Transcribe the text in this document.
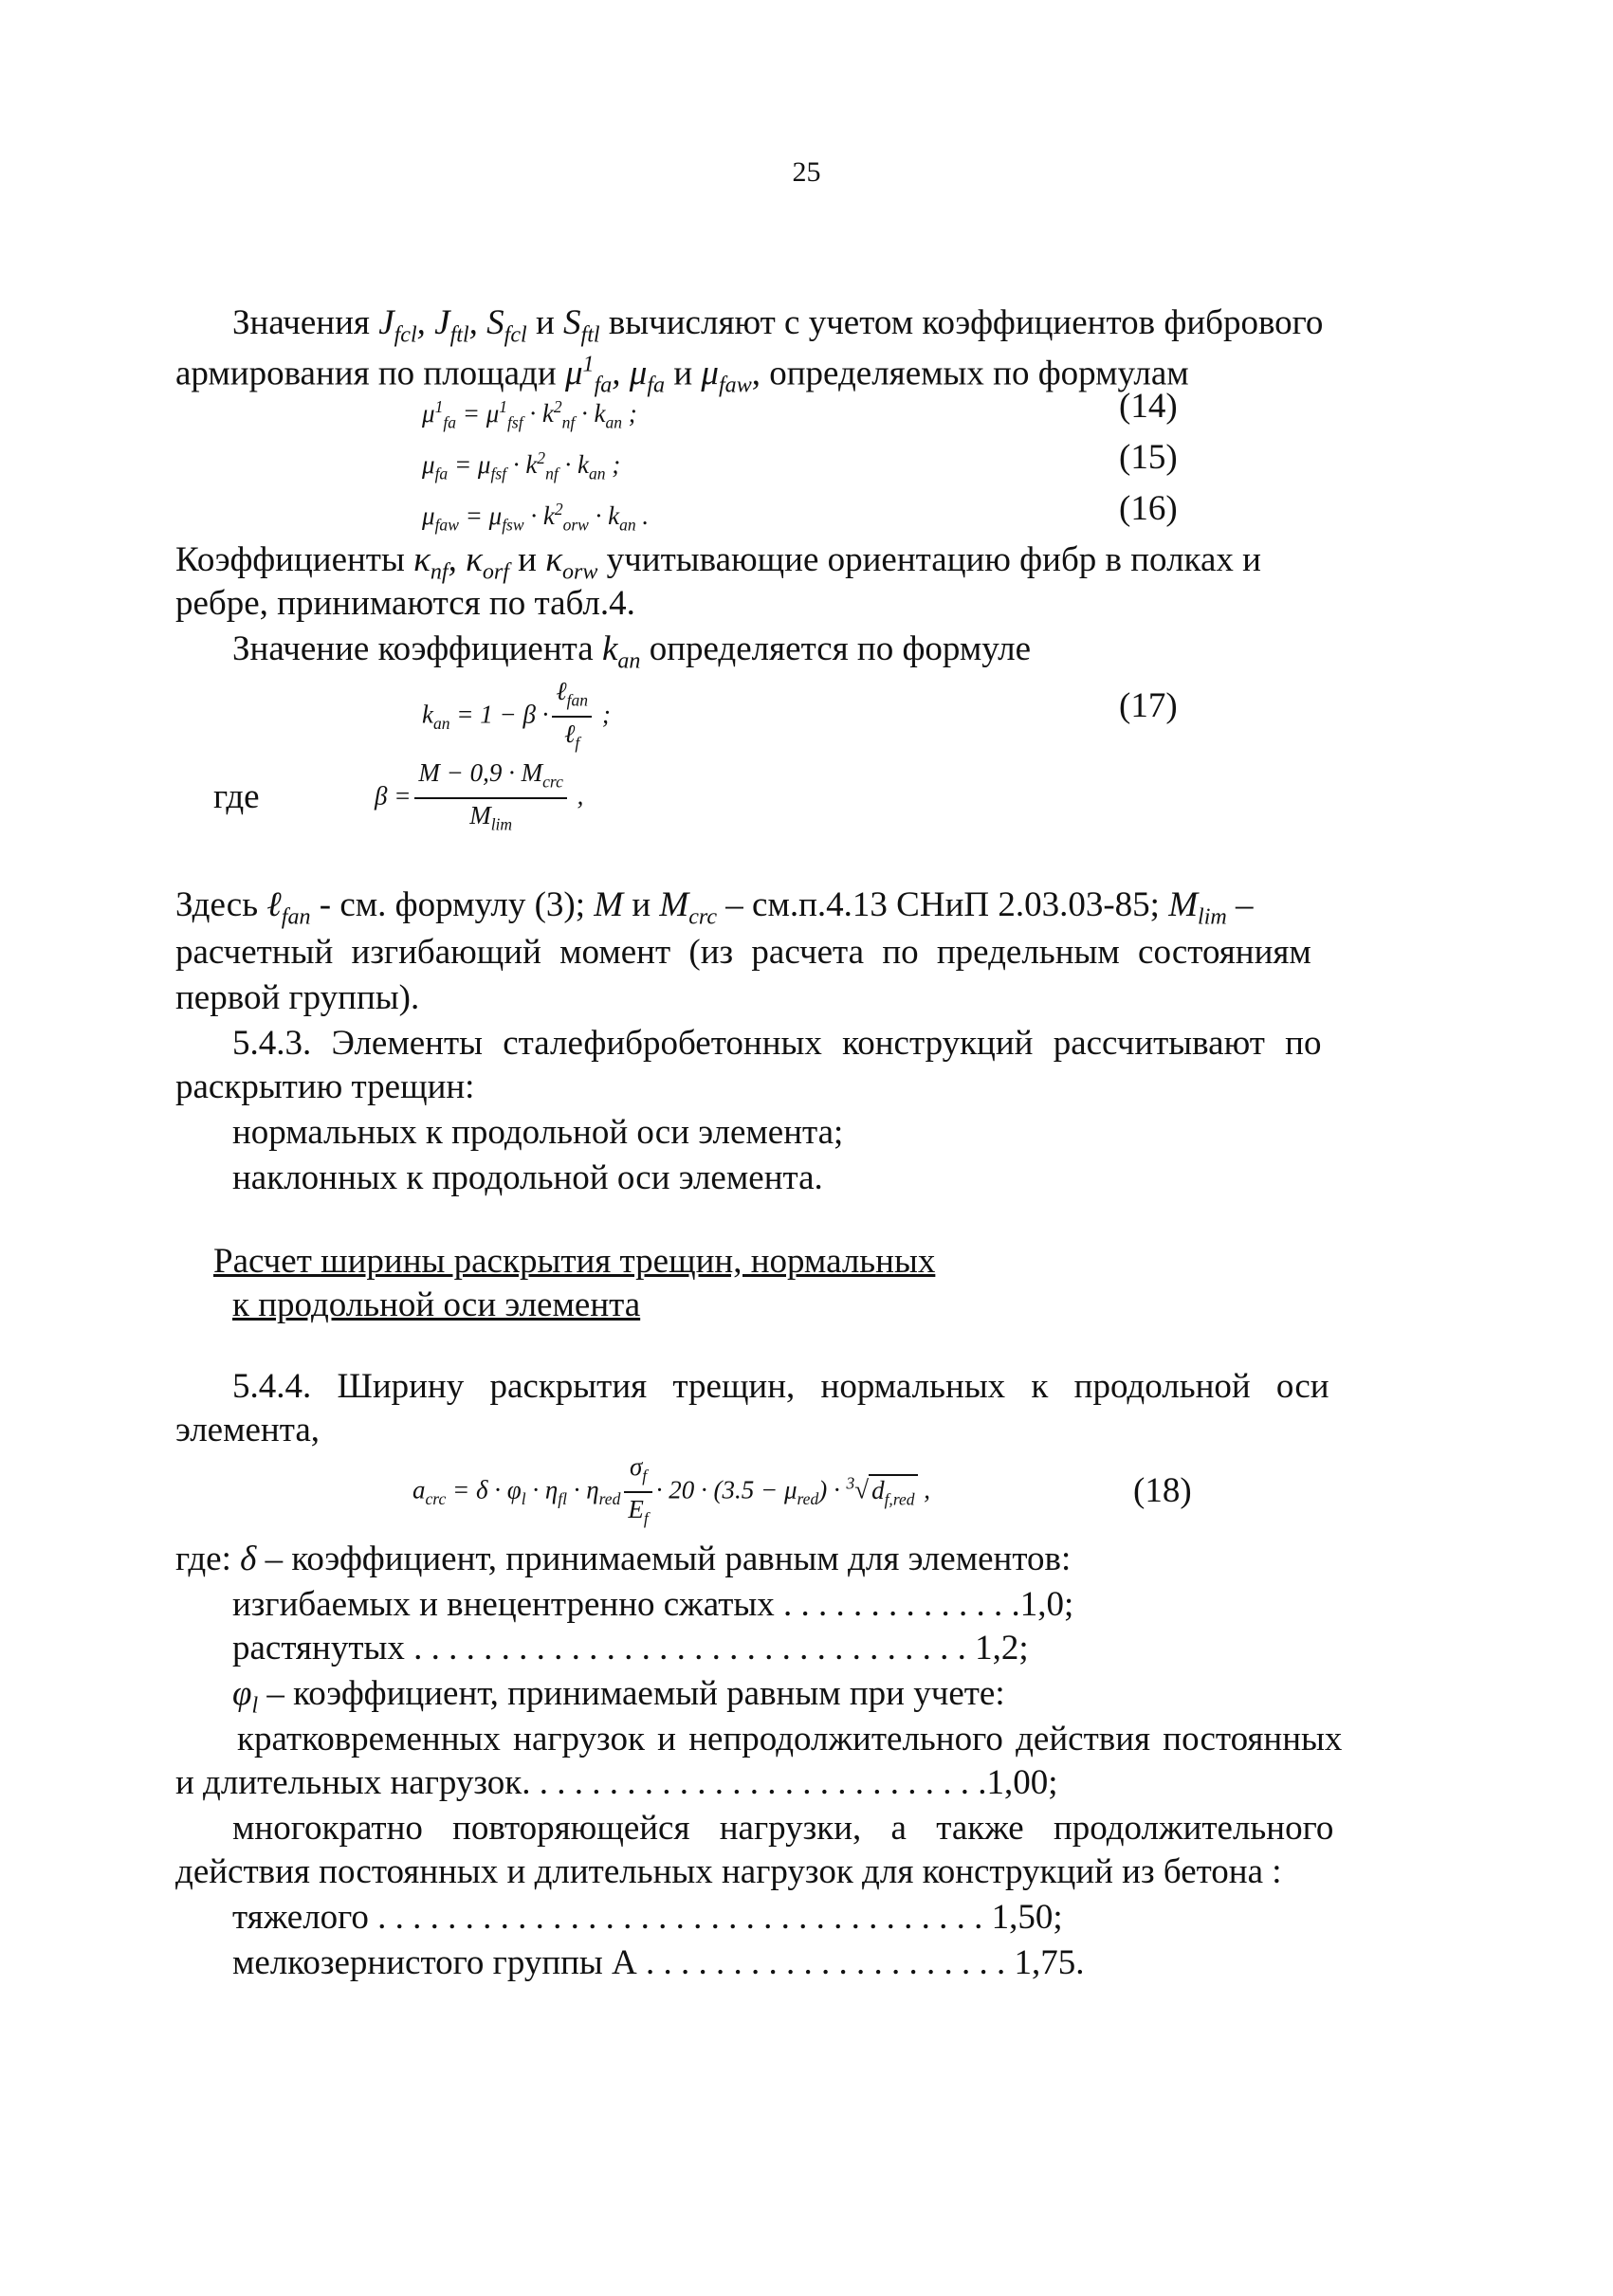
25
Значения $J_{fcl}$, $J_{ftl}$, $S_{fcl}$ и $S_{ftl}$ вычисляют с учетом коэффициентов фибрового
армирования по площади $\mu^1_{fa}$, $\mu_{fa}$ и $\mu_{faw}$, определяемых по формулам
$\mu^1_{fa} = \mu^1_{fsf} \cdot k^2_{nf} \cdot k_{an}$ ;	(14)
$\mu_{fa} = \mu_{fsf} \cdot k^2_{nf} \cdot k_{an}$ ;	(15)
$\mu_{faw} = \mu_{fsw} \cdot k^2_{orw} \cdot k_{an}$ .	(16)
Коэффициенты $\kappa_{nf}$, $\kappa_{orf}$ и $\kappa_{orw}$ учитывающие ориентацию фибр в полках и
ребре, принимаются по табл.4.
Значение коэффициента $k_{an}$ определяется по формуле
$k_{an} = 1 - \beta \cdot \frac{\ell_{fan}}{\ell_f}$ ;	(17)
где	$\beta = \frac{M - 0,9 \cdot M_{crc}}{M_{lim}}$ ,
Здесь ℓ$_{fan}$ - см. формулу (3); M и $M_{crc} - см.п.4.13$ СНиП 2.03.03-85; $M_{lim}$ –
расчетный изгибающий момент (из расчета по предельным состояниям
первой группы).
5.4.3. Элементы сталефибробетонных конструкций рассчитывают по
раскрытию трещин:
нормальных к продольной оси элемента;
наклонных к продольной оси элемента.
Расчет ширины раскрытия трещин, нормальных
к продольной оси элемента
5.4.4. Ширину раскрытия трещин, нормальных к продольной оси
элемента,
$a_{crc} = \delta \cdot \varphi_l \cdot \eta_{fl} \cdot \eta_{red} \frac{\sigma_f}{E_f} \cdot 20 \cdot (3.5 - \mu_{red}) \cdot ^3√$ $d_{f,red}$ ,	(18)
где: δ – коэффициент, принимаемый равным для элементов:
изгибаемых и внецентренно сжатых . . . . . . . . . . . . . .1,0;
растянутых . . . . . . . . . . . . . . . . . . . . . . . . . . . . . . . . 1,2;
$\varphi_l$ – коэффициент, принимаемый равным при учете:
кратковременных нагрузок и непродолжительного действия постоянных
и длительных нагрузок. . . . . . . . . . . . . . . . . . . . . . . . . . .1,00;
многократно повторяющейся нагрузки, а также продолжительного
действия постоянных и длительных нагрузок для конструкций из бетона :
тяжелого . . . . . . . . . . . . . . . . . . . . . . . . . . . . . . . . . . . 1,50;
мелкозернистого группы А . . . . . . . . . . . . . . . . . . . . . 1,75.
